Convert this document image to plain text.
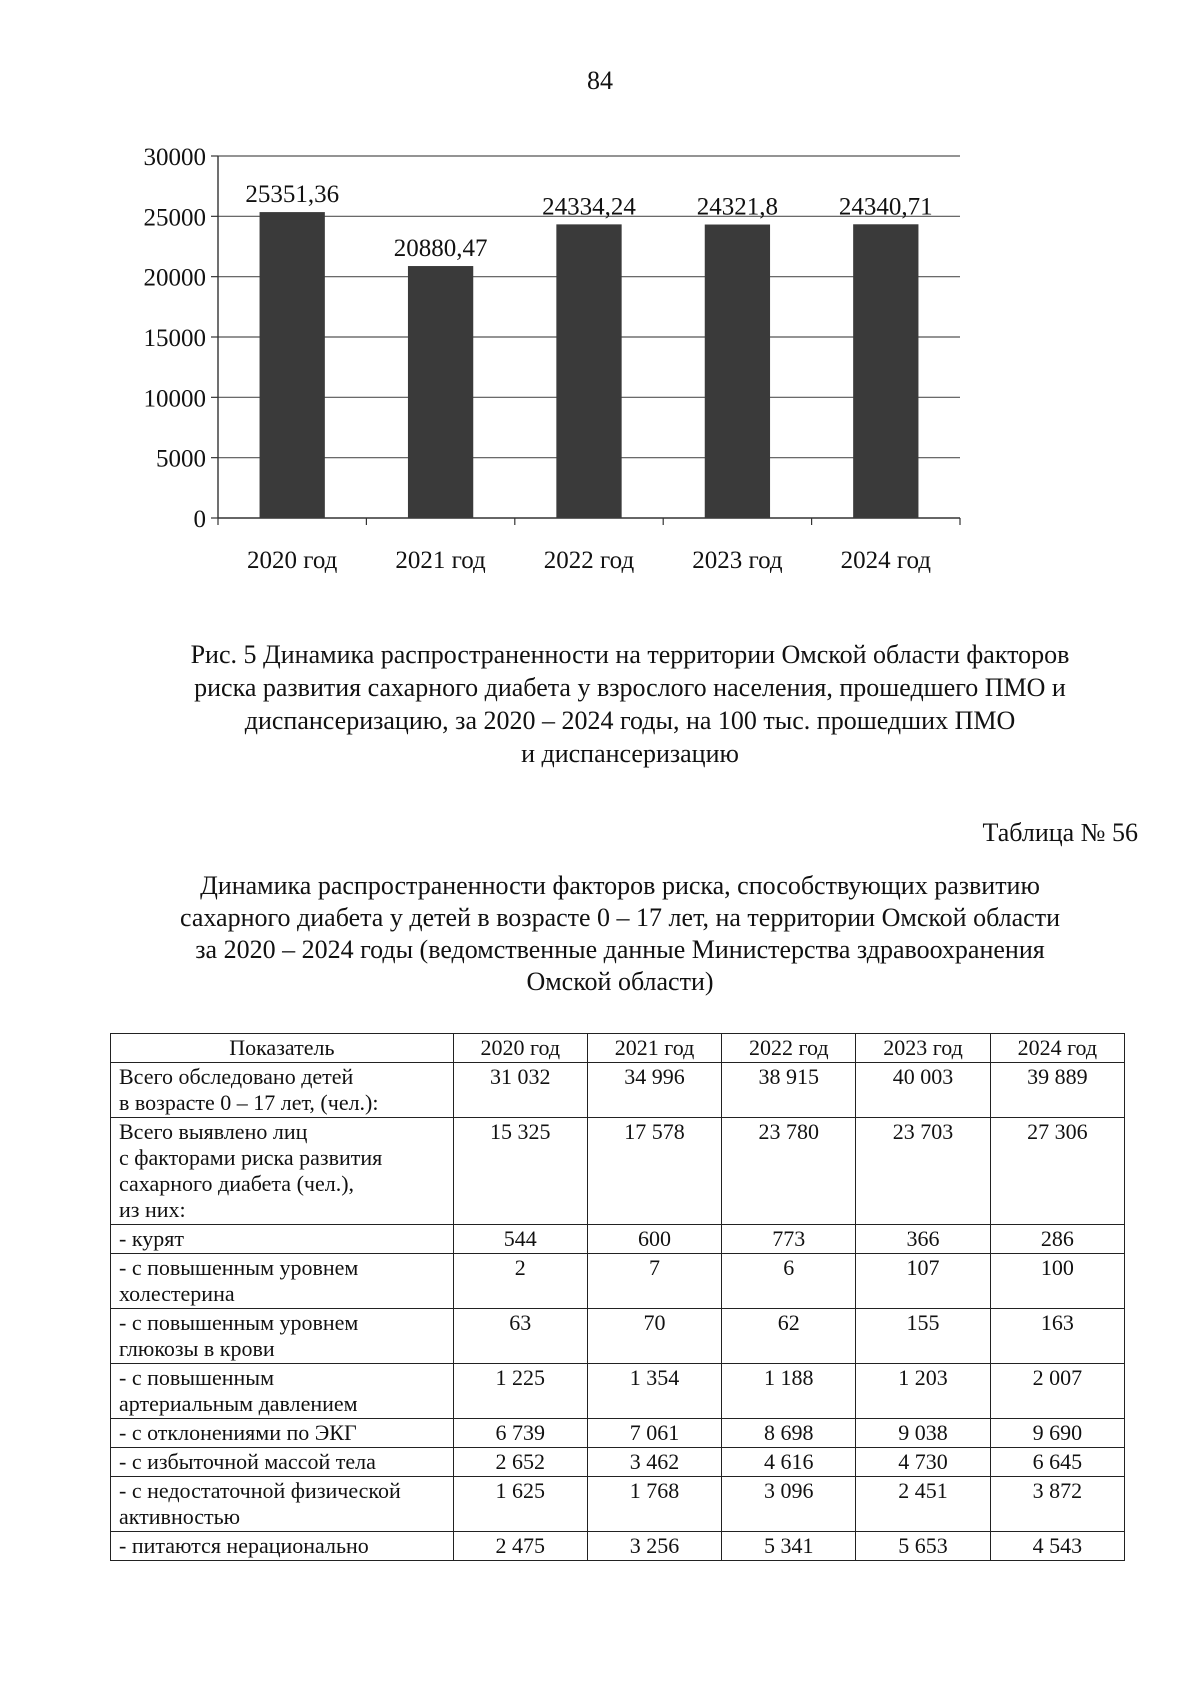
84
0
5000
10000
15000
20000
25000
30000
25351,36
2020 год
20880,47
2021 год
24334,24
2022 год
24321,8
2023 год
24340,71
2024 год
Рис. 5 Динамика распространенности на территории Омской области факторов
риска развития сахарного диабета у взрослого населения, прошедшего ПМО и
диспансеризацию, за 2020 – 2024 годы, на 100 тыс. прошедших ПМО
и диспансеризацию
Таблица № 56
Динамика распространенности факторов риска, способствующих развитию
сахарного диабета у детей в возрасте 0 – 17 лет, на территории Омской области
за 2020 – 2024 годы (ведомственные данные Министерства здравоохранения
Омской области)
Показатель	2020 год	2021 год	2022 год	2023 год	2024 год

Всего обследовано детей
в возрасте 0 – 17 лет, (чел.):	31 032	34 996	38 915	40 003	39 889

Всего выявлено лиц
с факторами риска развития
сахарного диабета (чел.),
из них:	15 325	17 578	23 780	23 703	27 306

- курят	544	600	773	366	286

- с повышенным уровнем
холестерина	2	7	6	107	100

- с повышенным уровнем
глюкозы в крови	63	70	62	155	163

- с повышенным
артериальным давлением	1 225	1 354	1 188	1 203	2 007

- с отклонениями по ЭКГ	6 739	7 061	8 698	9 038	9 690

- с избыточной массой тела	2 652	3 462	4 616	4 730	6 645

- с недостаточной физической
активностью	1 625	1 768	3 096	2 451	3 872

- питаются нерационально	2 475	3 256	5 341	5 653	4 543
